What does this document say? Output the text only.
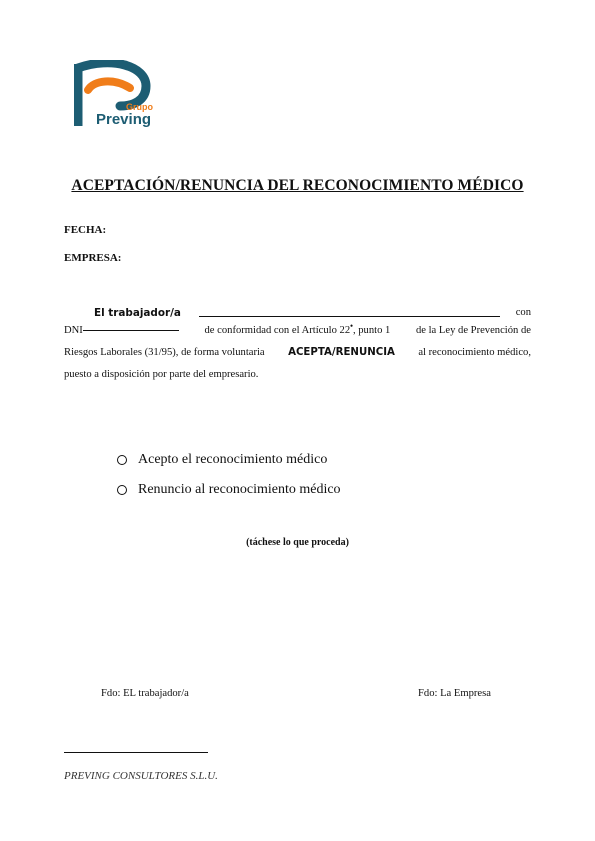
Grupo
Preving
ACEPTACIÓN/RENUNCIA DEL RECONOCIMIENTO MÉDICO
FECHA:
EMPRESA:
El trabajador/a	con
DNI	de conformidad con el Artículo 22•, punto 1 de la Ley de Prevención de
Riesgos Laborales (31/95), de forma voluntaria ACEPTA/RENUNCIA al reconocimiento médico,
puesto a disposición por parte del empresario.
Acepto el reconocimiento médico
Renuncio al reconocimiento médico
(táchese lo que proceda)
Fdo: EL trabajador/a	Fdo: La Empresa
PREVING CONSULTORES S.L.U.
